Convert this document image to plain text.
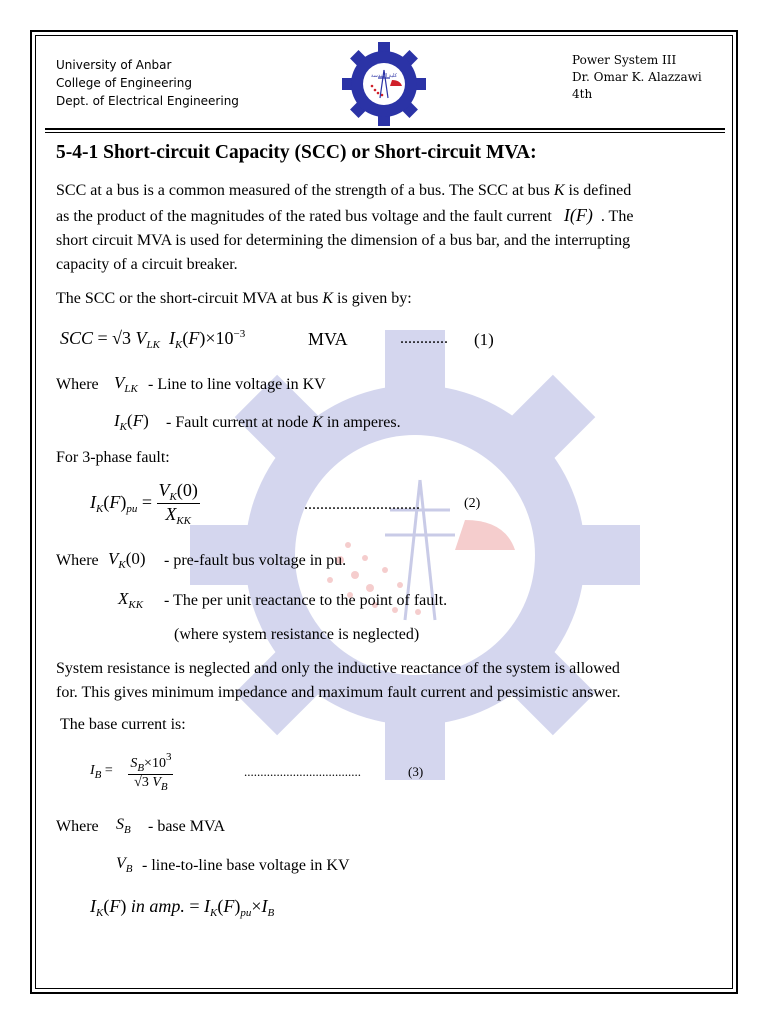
University of Anbar
College of Engineering
Dept. of Electrical Engineering
كلية الهندسة
Power System III
Dr. Omar K. Alazzawi
4th
5-4-1 Short-circuit Capacity (SCC) or Short-circuit MVA:
SCC at a bus is a common measured of the strength of a bus. The SCC at bus K is defined
as the product of the magnitudes of the rated bus voltage and the fault current I(F) . The
short circuit MVA is used for determining the dimension of a bus bar, and the interrupting
capacity of a circuit breaker.
The SCC or the short-circuit MVA at bus K is given by:
SCC = √3 $V_{LK}$ $I_K(F)\times 10^{-3}$	MVA	............ (1)
Where $V_{LK}$ - Line to line voltage in KV
$I_K(F)$ - Fault current at node K in amperes.
For 3-phase fault:
$I_K(F)_{pu} = \frac{V_K(0)}{X_{KK}}$	.............................	(2)
Where $V_K(0)$ - pre-fault bus voltage in pu.
$X_{KK}$ - The per unit reactance to the point of fault.
(where system resistance is neglected)
System resistance is neglected and only the inductive reactance of the system is allowed
for. This gives minimum impedance and maximum fault current and pessimistic answer.
The base current is:
$I_B = \frac{S_B\times 10^3}{√3 V_B}$	....................................	(3)
Where $S_B$ - base MVA
$V_B$ - line-to-line base voltage in KV
$I_K(F)$ in amp. = $I_K(F)_{pu}\times I_B$
